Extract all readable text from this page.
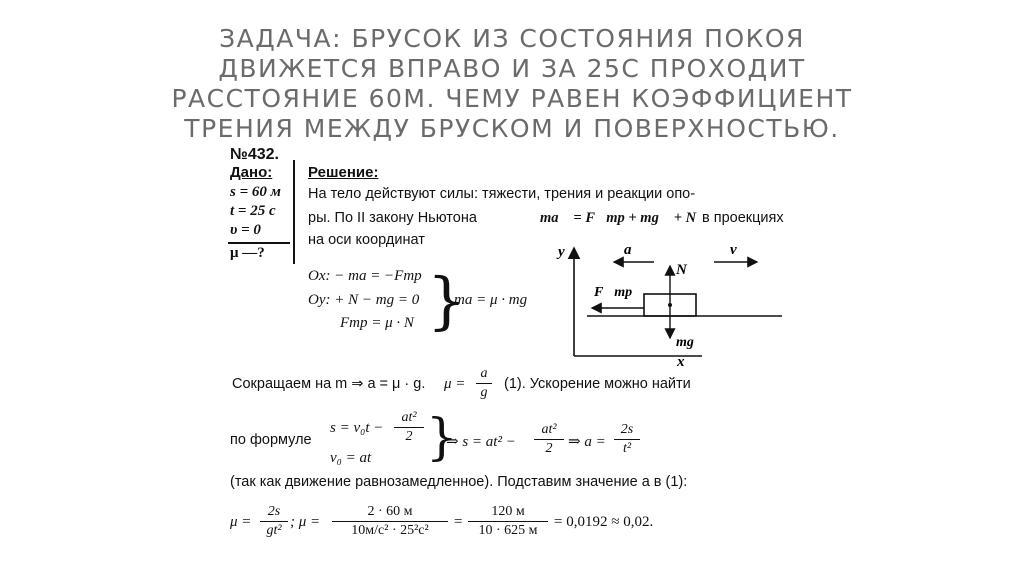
ЗАДАЧА: БРУСОК ИЗ СОСТОЯНИЯ ПОКОЯ
ДВИЖЕТСЯ ВПРАВО И ЗА 25С ПРОХОДИТ
РАССТОЯНИЕ 60М. ЧЕМУ РАВЕН КОЭФФИЦИЕНТ
ТРЕНИЯ МЕЖДУ БРУСКОМ И ПОВЕРХНОСТЬЮ.
№432.
Дано:
s = 60 м
t = 25 с
υ = 0
μ —?
Решение:
На тело действуют силы: тяжести, трения и реакции опо-
ры. По II закону Ньютона	ma⃗ = F⃗тр + mg⃗ + N⃗
в проекциях
на оси координат
Ox: − ma = −Fтр
Oy: + N − mg = 0
Fтр = μ · N }
ma = μ · mg
y
x
a⃗	v⃗
N⃗
F⃗тр
mg⃗
Сокращаем на m ⇒ a = μ · g. μ =
a
g
(1). Ускорение можно найти
по формуле
s = v₀t −
at²
2
v₀ = at }
⇒ s = at² −
at²
2	⇒ a =
2s
t²
(так как движение равнозамедленное). Подставим значение a в (1):
μ =
2s
gt²
; μ =
2 · 60 м
10м/с² · 25²с²
=
120 м
10 · 625 м
= 0,0192 ≈ 0,02.
